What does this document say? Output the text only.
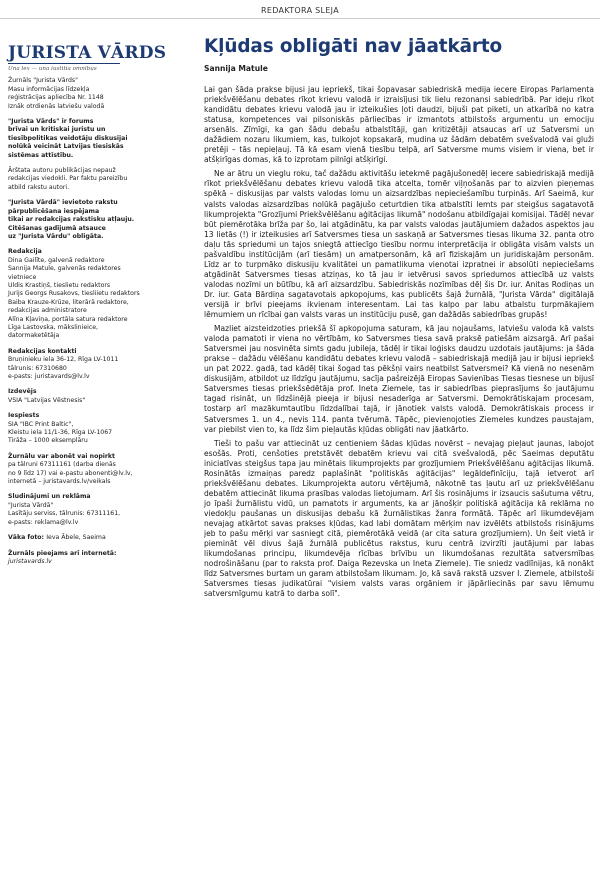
REDAKTORA SLEJA
JURISTA VĀRDS
Una lex — una iustitia omnibus
Žurnāls "Jurista Vārds"
Masu informācijas līdzekļa
reģistrācijas apliecība Nr. 1148
Iznāk otrdienās latviešu valodā
"Jurista Vārds" ir forums
brīvai un kritiskai juristu un
tiesībpolitikas veidotāju diskusijai
nolūkā veicināt Latvijas tiesiskās
sistēmas attīstību.
Ārštata autoru publikācijas nepauž
redakcijas viedokli. Par faktu pareizību
atbild rakstu autori.
"Jurista Vārdā" ievietoto rakstu
pārpublicēšana iespējama
tikai ar redakcijas rakstisku atļauju.
Citēšanas gadījumā atsauce
uz "Jurista Vārdu" obligāta.
Redakcija
Dina Gailīte, galvenā redaktore
Sannija Matule, galvenās redaktores
vietniece
Uldis Krastiņš, tieslietu redaktors
Jurijs Georgs Rusakovs, tiesliietu redaktors
Baiba Krauze-Krūze, literārā redaktore,
redakcijas administratore
Alīna Kļaviņa, portāla satura redaktore
Līga Lastovska, mākslinieice,
datormaketētāja
Redakcijas kontakti
Bruņinieku iela 36-12, Rīga LV-1011
tālrunis: 67310680
e-pasts: juristavards@lv.lv
Izdevējs
VSIA "Latvijas Vēstnesis"
Iespiests
SIA "IBC Print Baltic",
Kleistu iela 11/1-36, Rīga LV-1067
Tirāža – 1000 eksemplāru
Žurnālu var abonēt vai nopirkt
pa tālruni 67311161 (darba dienās
no 9 līdz 17) vai e-pastu abonenti@lv.lv,
internetā – juristavards.lv/veikals
Sludinājumi un reklāma
"Jurista Vārdā"
Lasītāju serviss, tālrunis: 67311161,
e-pasts: reklama@lv.lv
Vāka foto: Ieva Ābele, Saeima
Žurnāls pieejams arī internetā:
juristavards.lv
Kļūdas obligāti nav jāatkārto
Sannija Matule

Lai gan šāda prakse bijusi jau iepriekš, tikai šopavasar sabiedriskā medija iecere Eiropas Parlamenta priekšvēlēšanu debates rīkot krievu valodā ir izraisījusi tik lielu rezonansi sabiedrībā. Par ideju rīkot kandidātu debates krievu valodā jau ir izteikušies ļoti daudzi, bijuši pat piketi, un atkarībā no katra statusa, kompetences vai pilsoniskās pārliecības ir izmantots atbilstošs argumentu un emociju arsenāls. Zīmīgi, ka gan šādu debašu atbalstītāji, gan kritizētāji atsaucas arī uz Satversmi un dažādiem nozaru likumiem, kas, tulkojot kopsakarā, mudina uz šādām debatēm svešvalodā vai gluži pretēji – tās nepieļauj. Tā kā esam vienā tiesību telpā, arī Satversme mums visiem ir viena, bet ir atšķirīgas domas, kā to izprotam pilnīgi atšķirīgi.

Ne ar ātru un vieglu roku, tač dažādu aktivitāšu ietekmē pagājušonedēļ iecere sabiedriskajā medijā rīkot priekšvēlēšanu debates krievu valodā tika atcelta, tomēr viļņošanās par to aizvien pieņemas spēkā – diskusijas par valsts valodas lomu un aizsardzības nepieciešamību turpinās. Arī Saeimā, kur valsts valodas aizsardzības nolūkā pagājušo ceturtdien tika atbalstīti lemts par steigšus sagatavotā likumprojekta "Grozījumi Priekšvēlēšanu aģitācijas likumā" nodošanu atbildīgajai komisijai. Tādēļ nevar būt piemērotāka brīža par šo, lai atgādinātu, ka par valsts valodas jautājumiem dažados aspektos jau 13 lietās (!) ir izteikusies arī Satversmes tiesa un saskaņā ar Satversmes tiesas likuma 32. panta otro daļu tās spriedumi un tajos sniegtā attiecīgo tiesību normu interpretācija ir obligāta visām valsts un pašvaldību institūcijām (arī tiesām) un amatpersonām, kā arī fiziskajām un juridiskajām personām. Līdz ar to turpmāko diskusiju kvalitātei un pamatlikuma vienotai izpratnei ir absolūti nepieciešams atgādināt Satversmes tiesas atziņas, ko tā jau ir ietvērusi savos spriedumos attiecībā uz valsts valodas nozīmi un būtību, kā arī aizsardzību. Sabiedriskās nozīmības dēļ šis Dr. iur. Anitas Rodiņas un Dr. iur. Gata Bārdiņa sagatavotais apkopojums, kas publicēts šajā žurnālā, "Jurista Vārda" digitālajā versijā ir brīvi pieejams ikvienam interesentam. Lai tas kalpo par labu atbalstu turpmākajiem lēmumiem un rīcībai gan valsts varas un institūciju pusē, gan dažādās sabiedrības grupās!

Mazliet aizsteidzoties priekšā šī apkopojuma saturam, kā jau nojaušams, latviešu valoda kā valsts valoda pamatoti ir viena no vērtībām, ko Satversmes tiesa savā praksē patiešām aizsargā. Arī pašai Satversmei jau nosvinēta simts gadu jubileja, tādēļ ir tikai loģisks daudzu uzdotais jautājums: ja šāda prakse – dažādu vēlēšanu kandidātu debates krievu valodā – sabiedriskajā medijā jau ir bijusi iepriekš un pat 2022. gadā, tad kādēļ tikai šogad tas pēkšņi vairs neatbilst Satversmei? Kā vienā no nesenām diskusijām, atbildot uz līdzīgu jautājumu, sacīja pašreizējā Eiropas Savienības Tiesas tiesnese un bijusī Satversmes tiesas priekšsēdētāja prof. Ineta Ziemele, tas ir sabiedrības pieprasījums šo jautājumu tagad risināt, un līdzšinējā pieeja ir bijusi nesaderīga ar Satversmi. Demokrātiskajam procesam, tostarp arī mazākumtautību līdzdalībai tajā, ir jānotiek valsts valodā. Demokrātiskais process ir Satversmes 1. un 4., nevis 114. panta tvērumā. Tāpēc, pievienojoties Ziemeles kundzes paustajam, var piebilst vien to, ka līdz šim pieļautās kļūdas obligāti nav jāatkārto.

Tieši to pašu var attiecināt uz centieniem šādas kļūdas novērst – nevajag pieļaut jaunas, labojot esošās. Proti, cenšoties pretstāvēt debatēm krievu vai citā svešvalodā, pēc Saeimas deputātu iniciatīvas steigšus tapa jau minētais likumprojekts par grozījumiem Priekšvēlēšanu aģitācijas likumā. Rosinātās izmaiņas paredz paplašināt "politiskās aģitācijas" legāldefinīciju, tajā ietverot arī priekšvēlēšanu debates. Likumprojekta autoru vērtējumā, nākotnē tas ļautu arī uz priekšvēlēšanu debatēm attiecināt likuma prasības valodas lietojumam. Arī šis rosinājums ir izsaucis sašutuma vētru, jo īpaši žurnālistu vidū, un pamatots ir arguments, ka ar jānošķir politiskā aģitācija kā reklāma no viedokļu paušanas un diskusijas debašu kā žurnālistikas žanra formātā. Tāpēc arī likumdevējam nevajag atkārtot savas prakses kļūdas, kad labi domātam mērķim nav izvēlēts atbilstošs risinājums jeb to pašu mērķi var sasniegt citā, piemērotākā veidā (ar cita satura grozījumiem). Un šeit vietā ir piemināt vēl divus šajā žurnālā publicētus rakstus, kuru centrā izvirzīti jautājumi par labas likumdošanas principu, likumdevēja rīcības brīvību un likumdošanas rezultāta satversmības nodrošināšanu (par to raksta prof. Daiga Rezevska un Ineta Ziemele). Tie sniedz vadlīnijas, kā nonākt līdz Satversmes burtam un garam atbilstošam likumam. Jo, kā savā rakstā uzsver I. Ziemele, atbilstoši Satversmes tiesas judikatūrai "visiem valsts varas orgāniem ir jāpārliecinās par savu lēmumu satversmīgumu katrā to darba solī".
